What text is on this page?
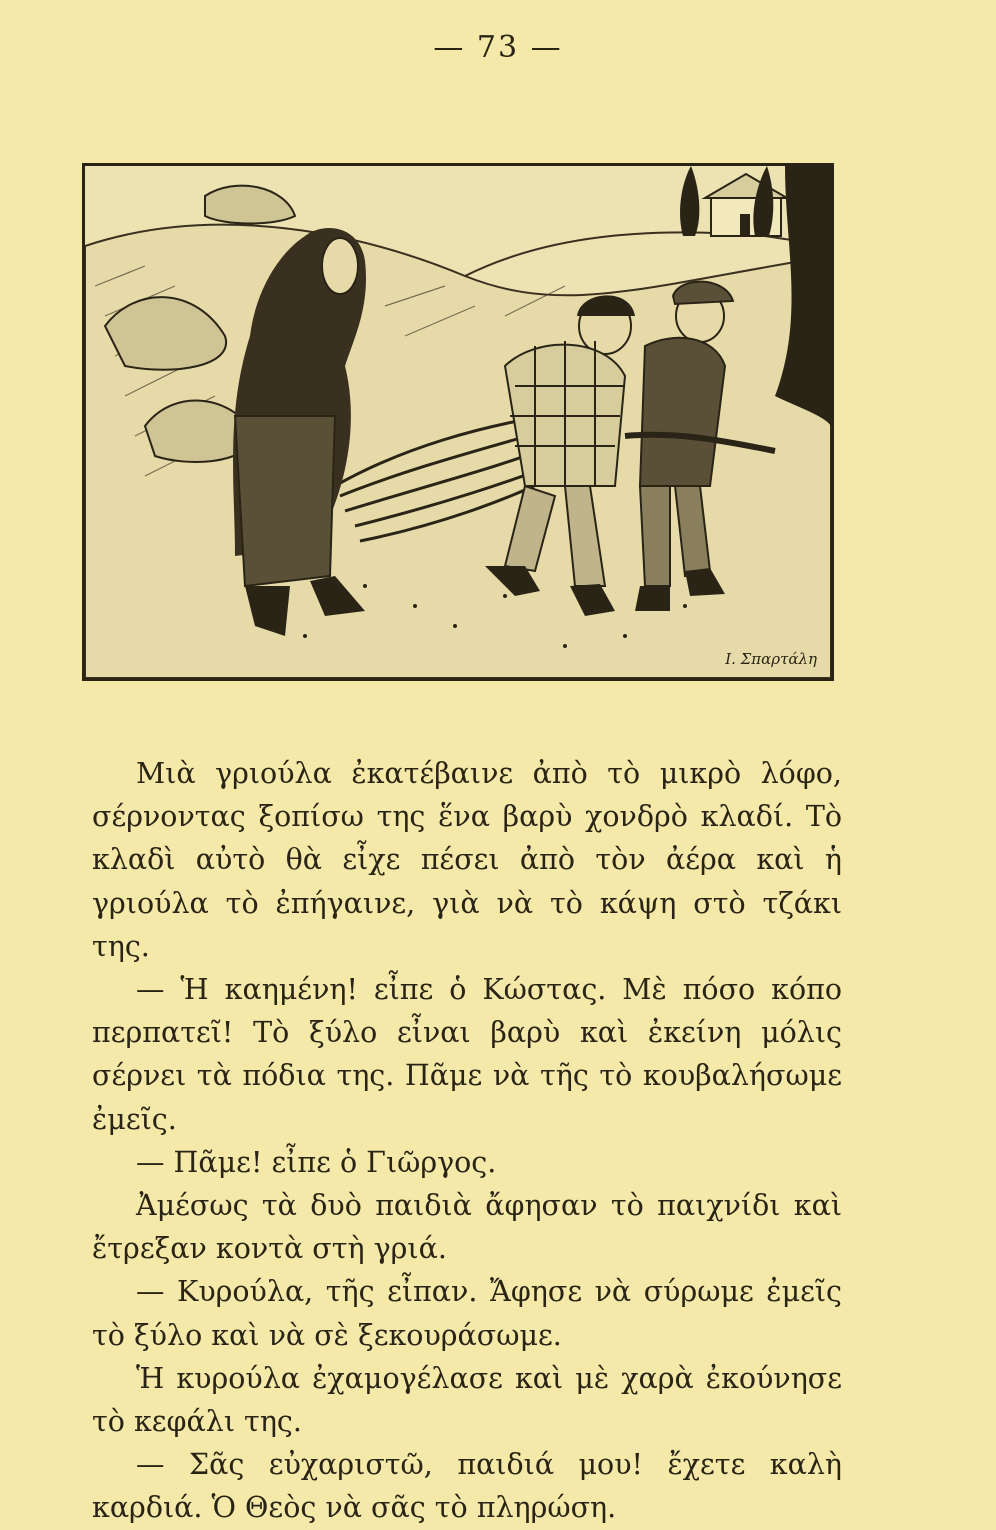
— 73 —
Ι. Σπαρτάλη

Μιὰ γριούλα ἐκατέβαινε ἀπὸ τὸ μικρὸ λόφο, σέρνοντας ξοπίσω της ἕνα βαρὺ χονδρὸ κλαδί. Τὸ κλαδὶ αὐτὸ θὰ εἶχε πέσει ἀπὸ τὸν ἀέρα καὶ ἡ γριούλα τὸ ἐπήγαινε, γιὰ νὰ τὸ κάψη στὸ τζάκι της.

— Ἡ καημένη! εἶπε ὁ Κώστας. Μὲ πόσο κόπο περπατεῖ! Τὸ ξύλο εἶναι βαρὺ καὶ ἐκείνη μόλις σέρνει τὰ πόδια της. Πᾶμε νὰ τῆς τὸ κουβαλήσωμε ἐμεῖς.

— Πᾶμε! εἶπε ὁ Γιῶργος.

Ἀμέσως τὰ δυὸ παιδιὰ ἄφησαν τὸ παιχνίδι καὶ ἔτρεξαν κοντὰ στὴ γριά.

— Κυρούλα, τῆς εἶπαν. Ἄφησε νὰ σύρωμε ἐμεῖς τὸ ξύλο καὶ νὰ σὲ ξεκουράσωμε.

Ἡ κυρούλα ἐχαμογέλασε καὶ μὲ χαρὰ ἐκούνησε τὸ κεφάλι της.

— Σᾶς εὐχαριστῶ, παιδιά μου! ἔχετε καλὴ καρδιά. Ὁ Θεὸς νὰ σᾶς τὸ πληρώση.
